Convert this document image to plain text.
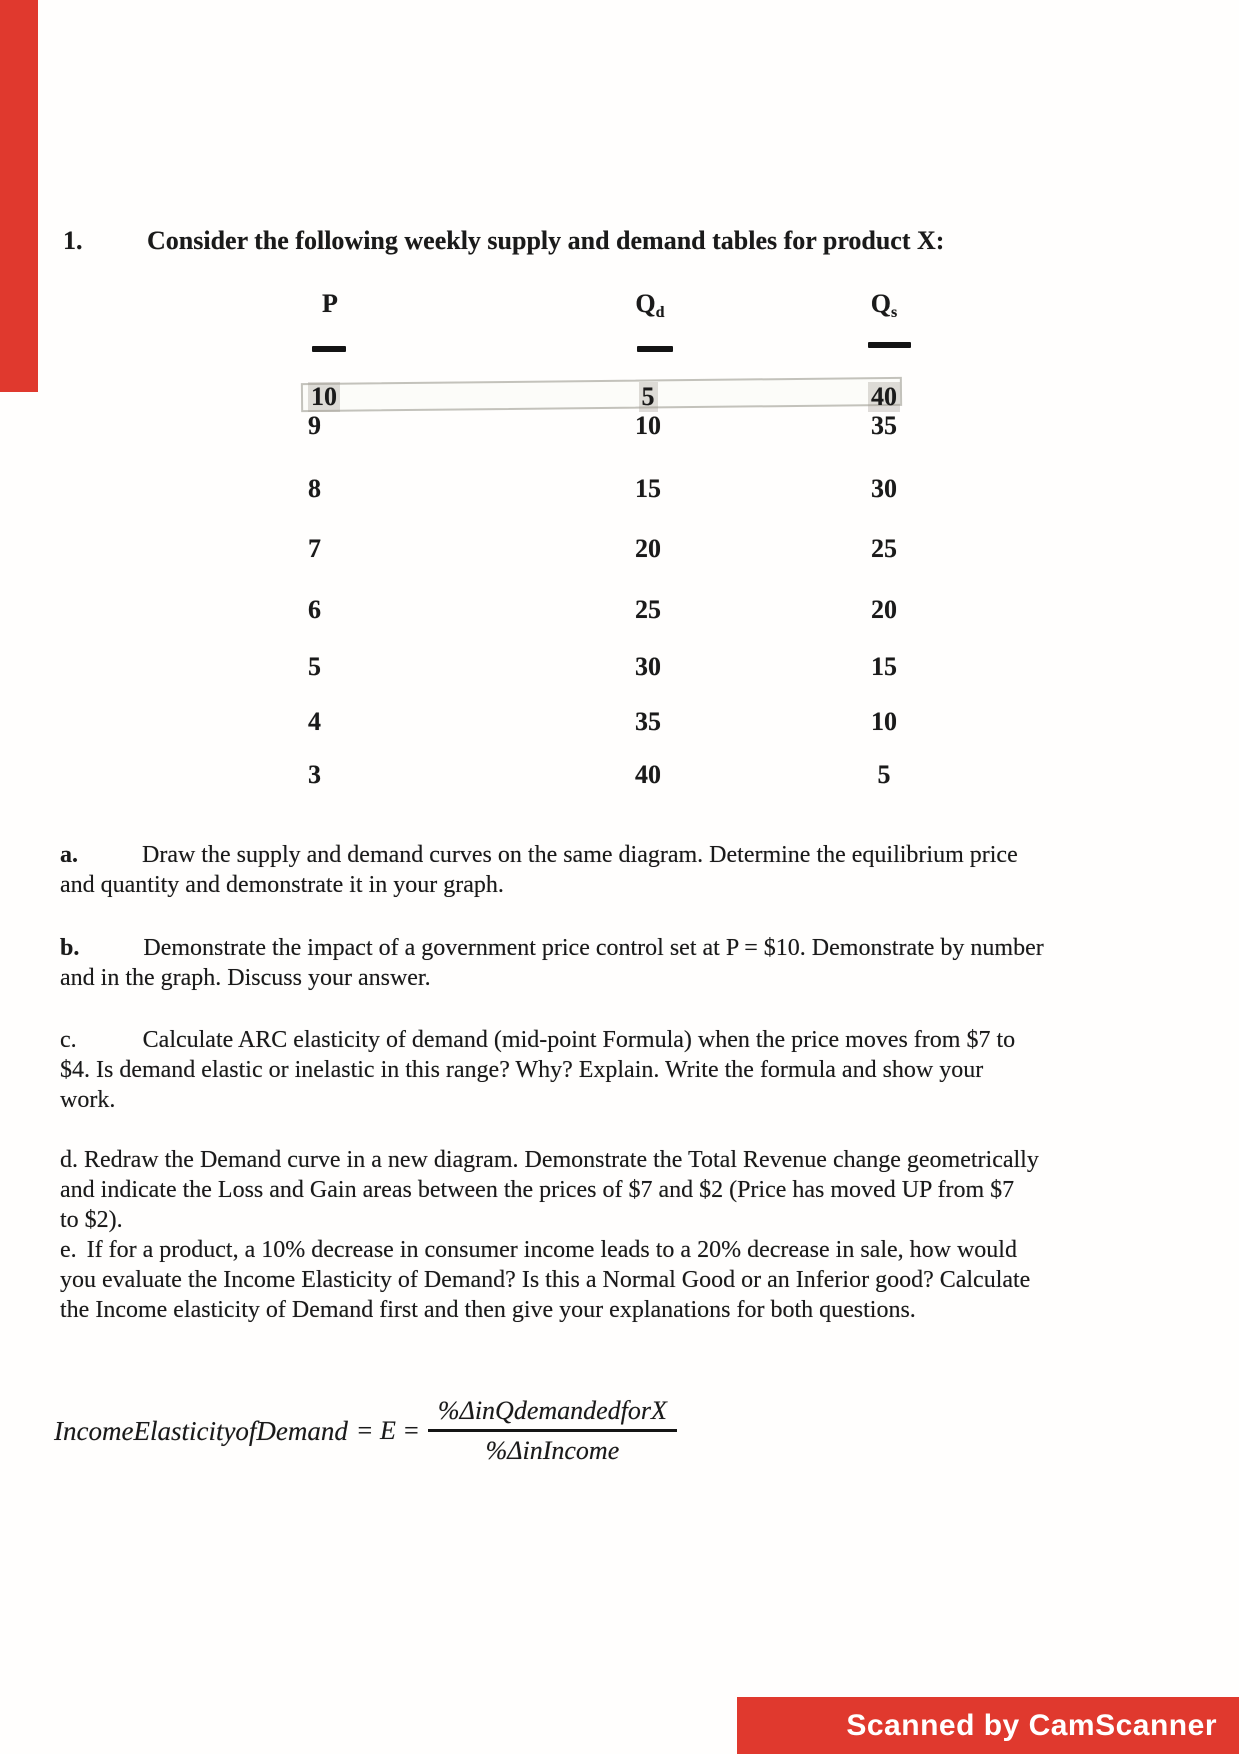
1.	Consider the following weekly supply and demand tables for product X:
P	$Q_d$	$Q_s$
10	5	40
9	10	35
8	15	30
7	20	25
6	25	20
5	30	15
4	35	10
3	40	5
a.	Draw the supply and demand curves on the same diagram. Determine the equilibrium price
and quantity and demonstrate it in your graph.
b.	Demonstrate the impact of a government price control set at P = $10. Demonstrate by number
and in the graph. Discuss your answer.
c.	Calculate ARC elasticity of demand (mid-point Formula) when the price moves from $7 to
$4. Is demand elastic or inelastic in this range? Why? Explain. Write the formula and show your
work.
d. Redraw the Demand curve in a new diagram. Demonstrate the Total Revenue change geometrically
and indicate the Loss and Gain areas between the prices of $7 and $2 (Price has moved UP from $7
to $2).
e. If for a product, a 10% decrease in consumer income leads to a 20% decrease in sale, how would
you evaluate the Income Elasticity of Demand? Is this a Normal Good or an Inferior good? Calculate
the Income elasticity of Demand first and then give your explanations for both questions.
IncomeElasticityofDemand = $E = \frac{\text{\%ΔinQdemandedforX}}{\text{\%ΔinIncome}}$
Scanned by CamScanner
